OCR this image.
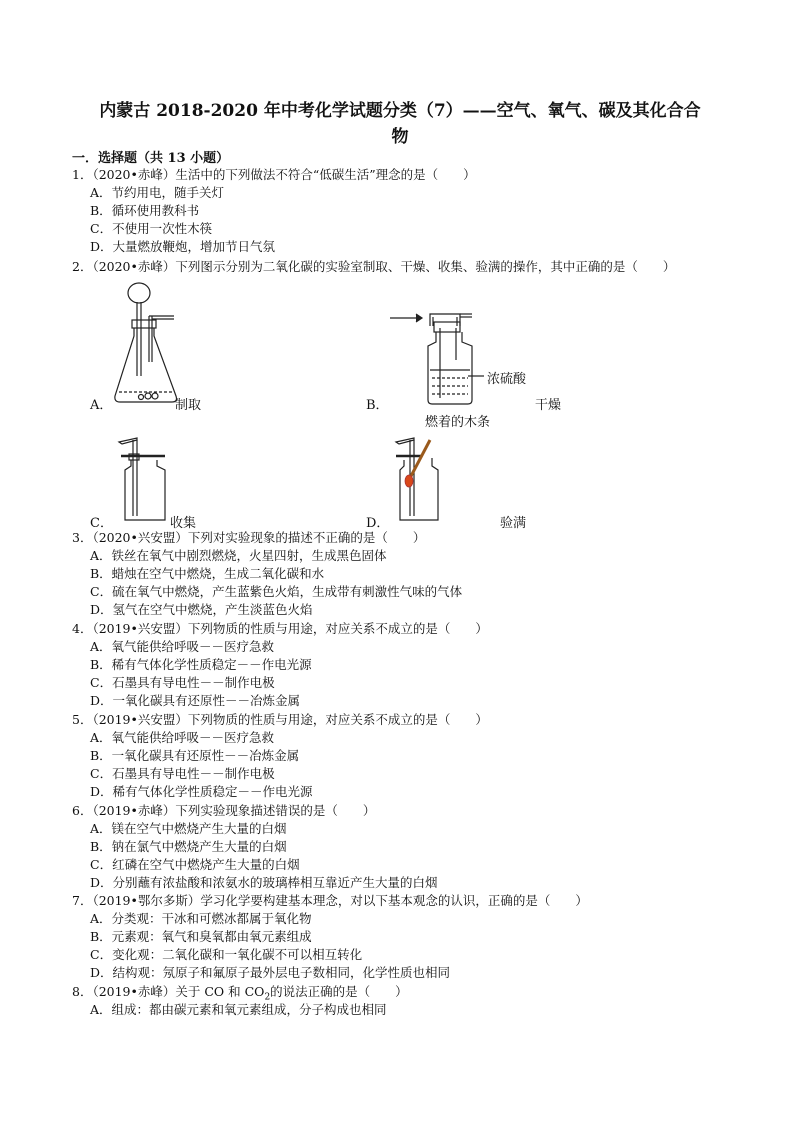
内蒙古 2018-2020 年中考化学试题分类（7）——空气、氧气、碳及其化合合
物
一．选择题（共 13 小题）
1．（2020•赤峰）生活中的下列做法不符合“低碳生活”理念的是（　　）
A．节约用电，随手关灯
B．循环使用教科书
C．不使用一次性木筷
D．大量燃放鞭炮，增加节日气氛
2．（2020•赤峰）下列图示分别为二氧化碳的实验室制取、干燥、收集、验满的操作，其中正确的是（　　）
A．	制取
浓硫酸
B．	干燥
燃着的木条
C．	收集	D．	验满
3．（2020•兴安盟）下列对实验现象的描述不正确的是（　　）
A．铁丝在氧气中剧烈燃烧，火星四射，生成黑色固体
B．蜡烛在空气中燃烧，生成二氧化碳和水
C．硫在氧气中燃烧，产生蓝紫色火焰，生成带有刺激性气味的气体
D．氢气在空气中燃烧，产生淡蓝色火焰
4．（2019•兴安盟）下列物质的性质与用途，对应关系不成立的是（　　）
A．氧气能供给呼吸－－医疗急救
B．稀有气体化学性质稳定－－作电光源
C．石墨具有导电性－－制作电极
D．一氧化碳具有还原性－－冶炼金属
5．（2019•兴安盟）下列物质的性质与用途，对应关系不成立的是（　　）
A．氧气能供给呼吸－－医疗急救
B．一氧化碳具有还原性－－冶炼金属
C．石墨具有导电性－－制作电极
D．稀有气体化学性质稳定－－作电光源
6．（2019•赤峰）下列实验现象描述错误的是（　　）
A．镁在空气中燃烧产生大量的白烟
B．钠在氯气中燃烧产生大量的白烟
C．红磷在空气中燃烧产生大量的白烟
D．分别蘸有浓盐酸和浓氨水的玻璃棒相互靠近产生大量的白烟
7．（2019•鄂尔多斯）学习化学要构建基本理念，对以下基本观念的认识，正确的是（　　）
A．分类观：干冰和可燃冰都属于氧化物
B．元素观：氧气和臭氧都由氧元素组成
C．变化观：二氧化碳和一氧化碳不可以相互转化
D．结构观：氖原子和氟原子最外层电子数相同，化学性质也相同
8．（2019•赤峰）关于 CO 和 $CO_2$的说法正确的是（　　）
A．组成：都由碳元素和氧元素组成，分子构成也相同
